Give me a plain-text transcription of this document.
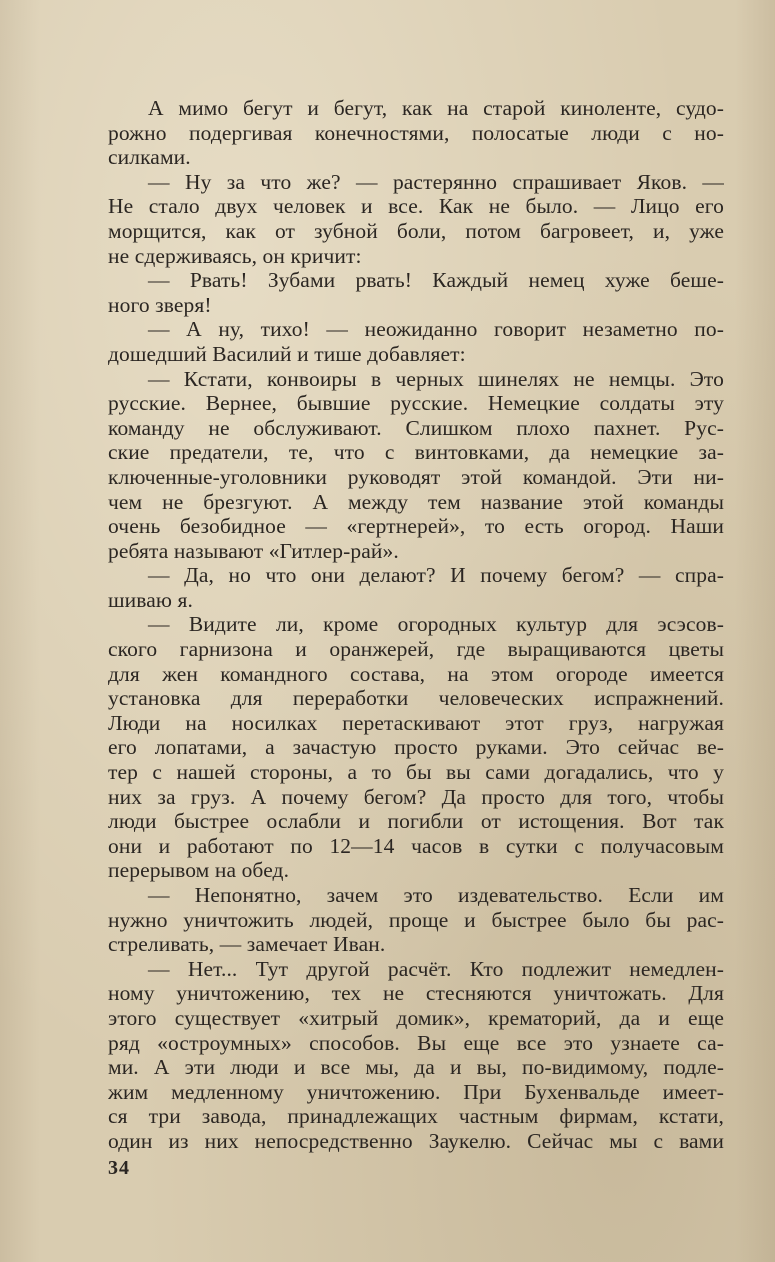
А мимо бегут и бегут, как на старой киноленте, судо-
рожно подергивая конечностями, полосатые люди с но-
силками.
— Ну за что же? — растерянно спрашивает Яков. —
Не стало двух человек и все. Как не было. — Лицо его
морщится, как от зубной боли, потом багровеет, и, уже
не сдерживаясь, он кричит:
— Рвать! Зубами рвать! Каждый немец хуже беше-
ного зверя!
— А ну, тихо! — неожиданно говорит незаметно по-
дошедший Василий и тише добавляет:
— Кстати, конвоиры в черных шинелях не немцы. Это
русские. Вернее, бывшие русские. Немецкие солдаты эту
команду не обслуживают. Слишком плохо пахнет. Рус-
ские предатели, те, что с винтовками, да немецкие за-
ключенные-уголовники руководят этой командой. Эти ни-
чем не брезгуют. А между тем название этой команды
очень безобидное — «гертнерей», то есть огород. Наши
ребята называют «Гитлер-рай».
— Да, но что они делают? И почему бегом? — спра-
шиваю я.
— Видите ли, кроме огородных культур для эсэсов-
ского гарнизона и оранжерей, где выращиваются цветы
для жен командного состава, на этом огороде имеется
установка для переработки человеческих испражнений.
Люди на носилках перетаскивают этот груз, нагружая
его лопатами, а зачастую просто руками. Это сейчас ве-
тер с нашей стороны, а то бы вы сами догадались, что у
них за груз. А почему бегом? Да просто для того, чтобы
люди быстрее ослабли и погибли от истощения. Вот так
они и работают по 12—14 часов в сутки с получасовым
перерывом на обед.
— Непонятно, зачем это издевательство. Если им
нужно уничтожить людей, проще и быстрее было бы рас-
стреливать, — замечает Иван.
— Нет... Тут другой расчёт. Кто подлежит немедлен-
ному уничтожению, тех не стесняются уничтожать. Для
этого существует «хитрый домик», крематорий, да и еще
ряд «остроумных» способов. Вы еще все это узнаете са-
ми. А эти люди и все мы, да и вы, по-видимому, подле-
жим медленному уничтожению. При Бухенвальде имеет-
ся три завода, принадлежащих частным фирмам, кстати,
один из них непосредственно Заукелю. Сейчас мы с вами
34
